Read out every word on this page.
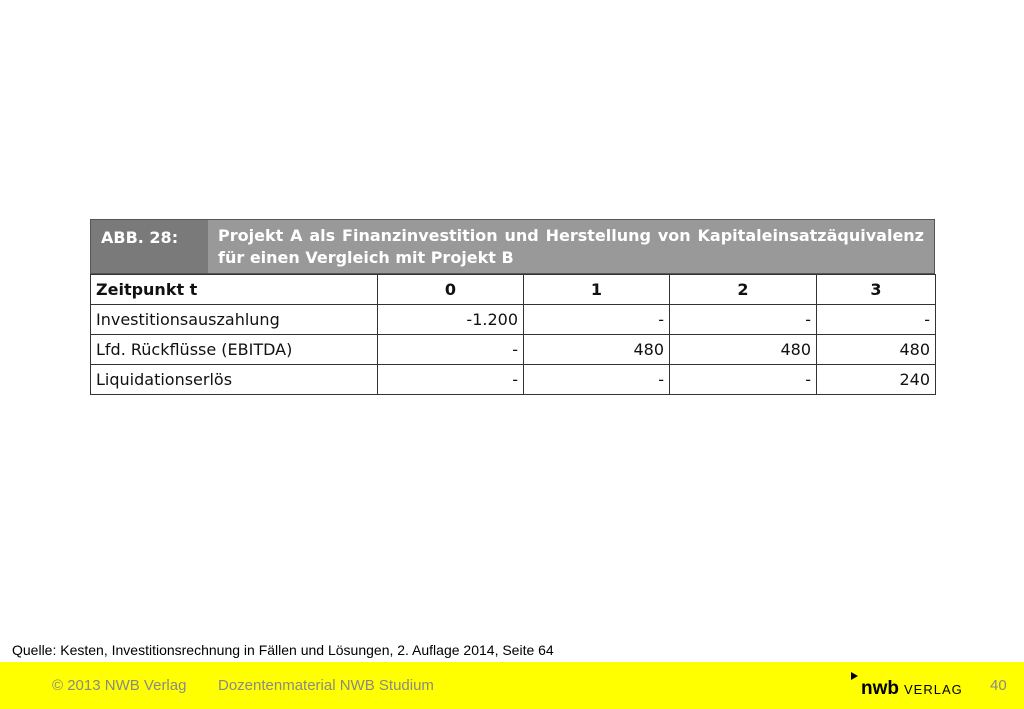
ABB. 28:	Projekt A als Finanzinvestition und Herstellung von Kapitaleinsatzäquivalenz für einen Vergleich mit Projekt B
Zeitpunkt t	0	1	2	3
Investitionsauszahlung	-1.200	-	-	-
Lfd. Rückflüsse (EBITDA)	-	480	480	480
Liquidationserlös	-	-	-	240
Quelle: Kesten, Investitionsrechnung in Fällen und Lösungen, 2. Auflage 2014, Seite 64
© 2013 NWB Verlag Dozentenmaterial NWB Studium	nwb VERLAG 40
